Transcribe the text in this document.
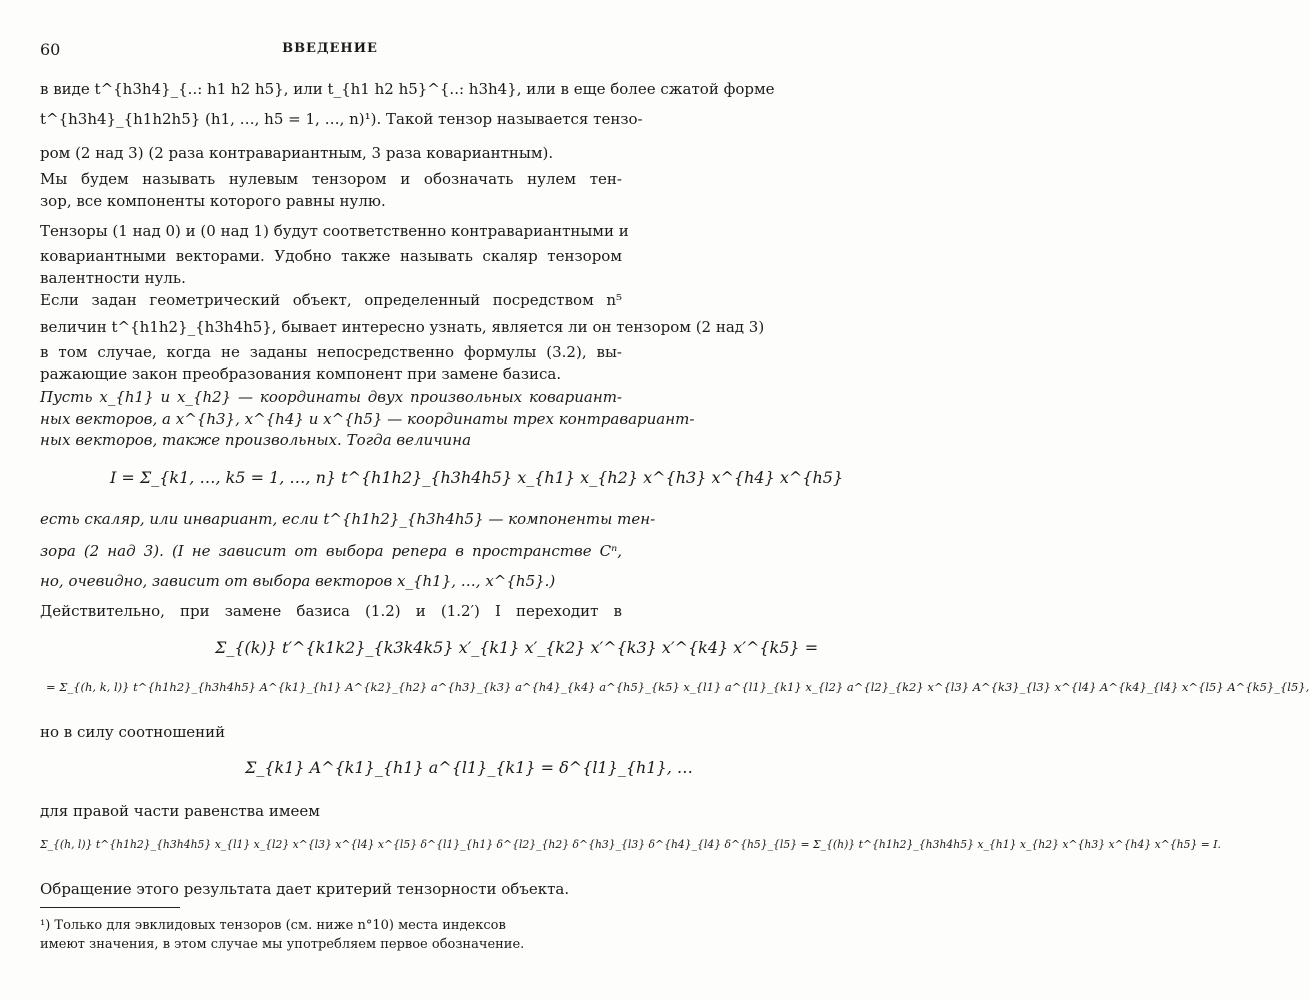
60	ВВЕДЕНИЕ
в виде t^{h3h4}_{..: h1 h2 h5}, или t_{h1 h2 h5}^{..: h3h4}, или в еще более сжатой форме
t^{h3h4}_{h1h2h5} (h1, …, h5 = 1, …, n)¹). Такой тензор называется тензо-
ром (2 над 3) (2 раза контравариантным, 3 раза ковариантным).
Мы будем называть нулевым тензором и обозначать нулем тен-
зор, все компоненты которого равны нулю.
Тензоры (1 над 0) и (0 над 1) будут соответственно контравариантными и
ковариантными векторами. Удобно также называть скаляр тензором
валентности нуль.
Если задан геометрический объект, определенный посредством n⁵
величин t^{h1h2}_{h3h4h5}, бывает интересно узнать, является ли он тензором (2 над 3)
в том случае, когда не заданы непосредственно формулы (3.2), вы-
ражающие закон преобразования компонент при замене базиса.
Пусть x_{h1} и x_{h2} — координаты двух произвольных ковариант-
ных векторов, а x^{h3}, x^{h4} и x^{h5} — координаты трех контравариант-
ных векторов, также произвольных. Тогда величина
I = Σ_{k1, …, k5 = 1, …, n} t^{h1h2}_{h3h4h5} x_{h1} x_{h2} x^{h3} x^{h4} x^{h5}
есть скаляр, или инвариант, если t^{h1h2}_{h3h4h5} — компоненты тен-
зора (2 над 3). (I не зависит от выбора репера в пространстве Cⁿ,
но, очевидно, зависит от выбора векторов x_{h1}, …, x^{h5}.)
Действительно, при замене базиса (1.2) и (1.2′) I переходит в
Σ_{(k)} t′^{k1k2}_{k3k4k5} x′_{k1} x′_{k2} x′^{k3} x′^{k4} x′^{k5} =
= Σ_{(h, k, l)} t^{h1h2}_{h3h4h5} A^{k1}_{h1} A^{k2}_{h2} a^{h3}_{k3} a^{h4}_{k4} a^{h5}_{k5} x_{l1} a^{l1}_{k1} x_{l2} a^{l2}_{k2} x^{l3} A^{k3}_{l3} x^{l4} A^{k4}_{l4} x^{l5} A^{k5}_{l5},
но в силу соотношений
Σ_{k1} A^{k1}_{h1} a^{l1}_{k1} = δ^{l1}_{h1}, …
для правой части равенства имеем
Σ_{(h, l)} t^{h1h2}_{h3h4h5} x_{l1} x_{l2} x^{l3} x^{l4} x^{l5} δ^{l1}_{h1} δ^{l2}_{h2} δ^{h3}_{l3} δ^{h4}_{l4} δ^{h5}_{l5} = Σ_{(h)} t^{h1h2}_{h3h4h5} x_{h1} x_{h2} x^{h3} x^{h4} x^{h5} = I.
Обращение этого результата дает критерий тензорности объекта.
¹) Только для эвклидовых тензоров (см. ниже n°10) места индексов
имеют значения, в этом случае мы употребляем первое обозначение.
